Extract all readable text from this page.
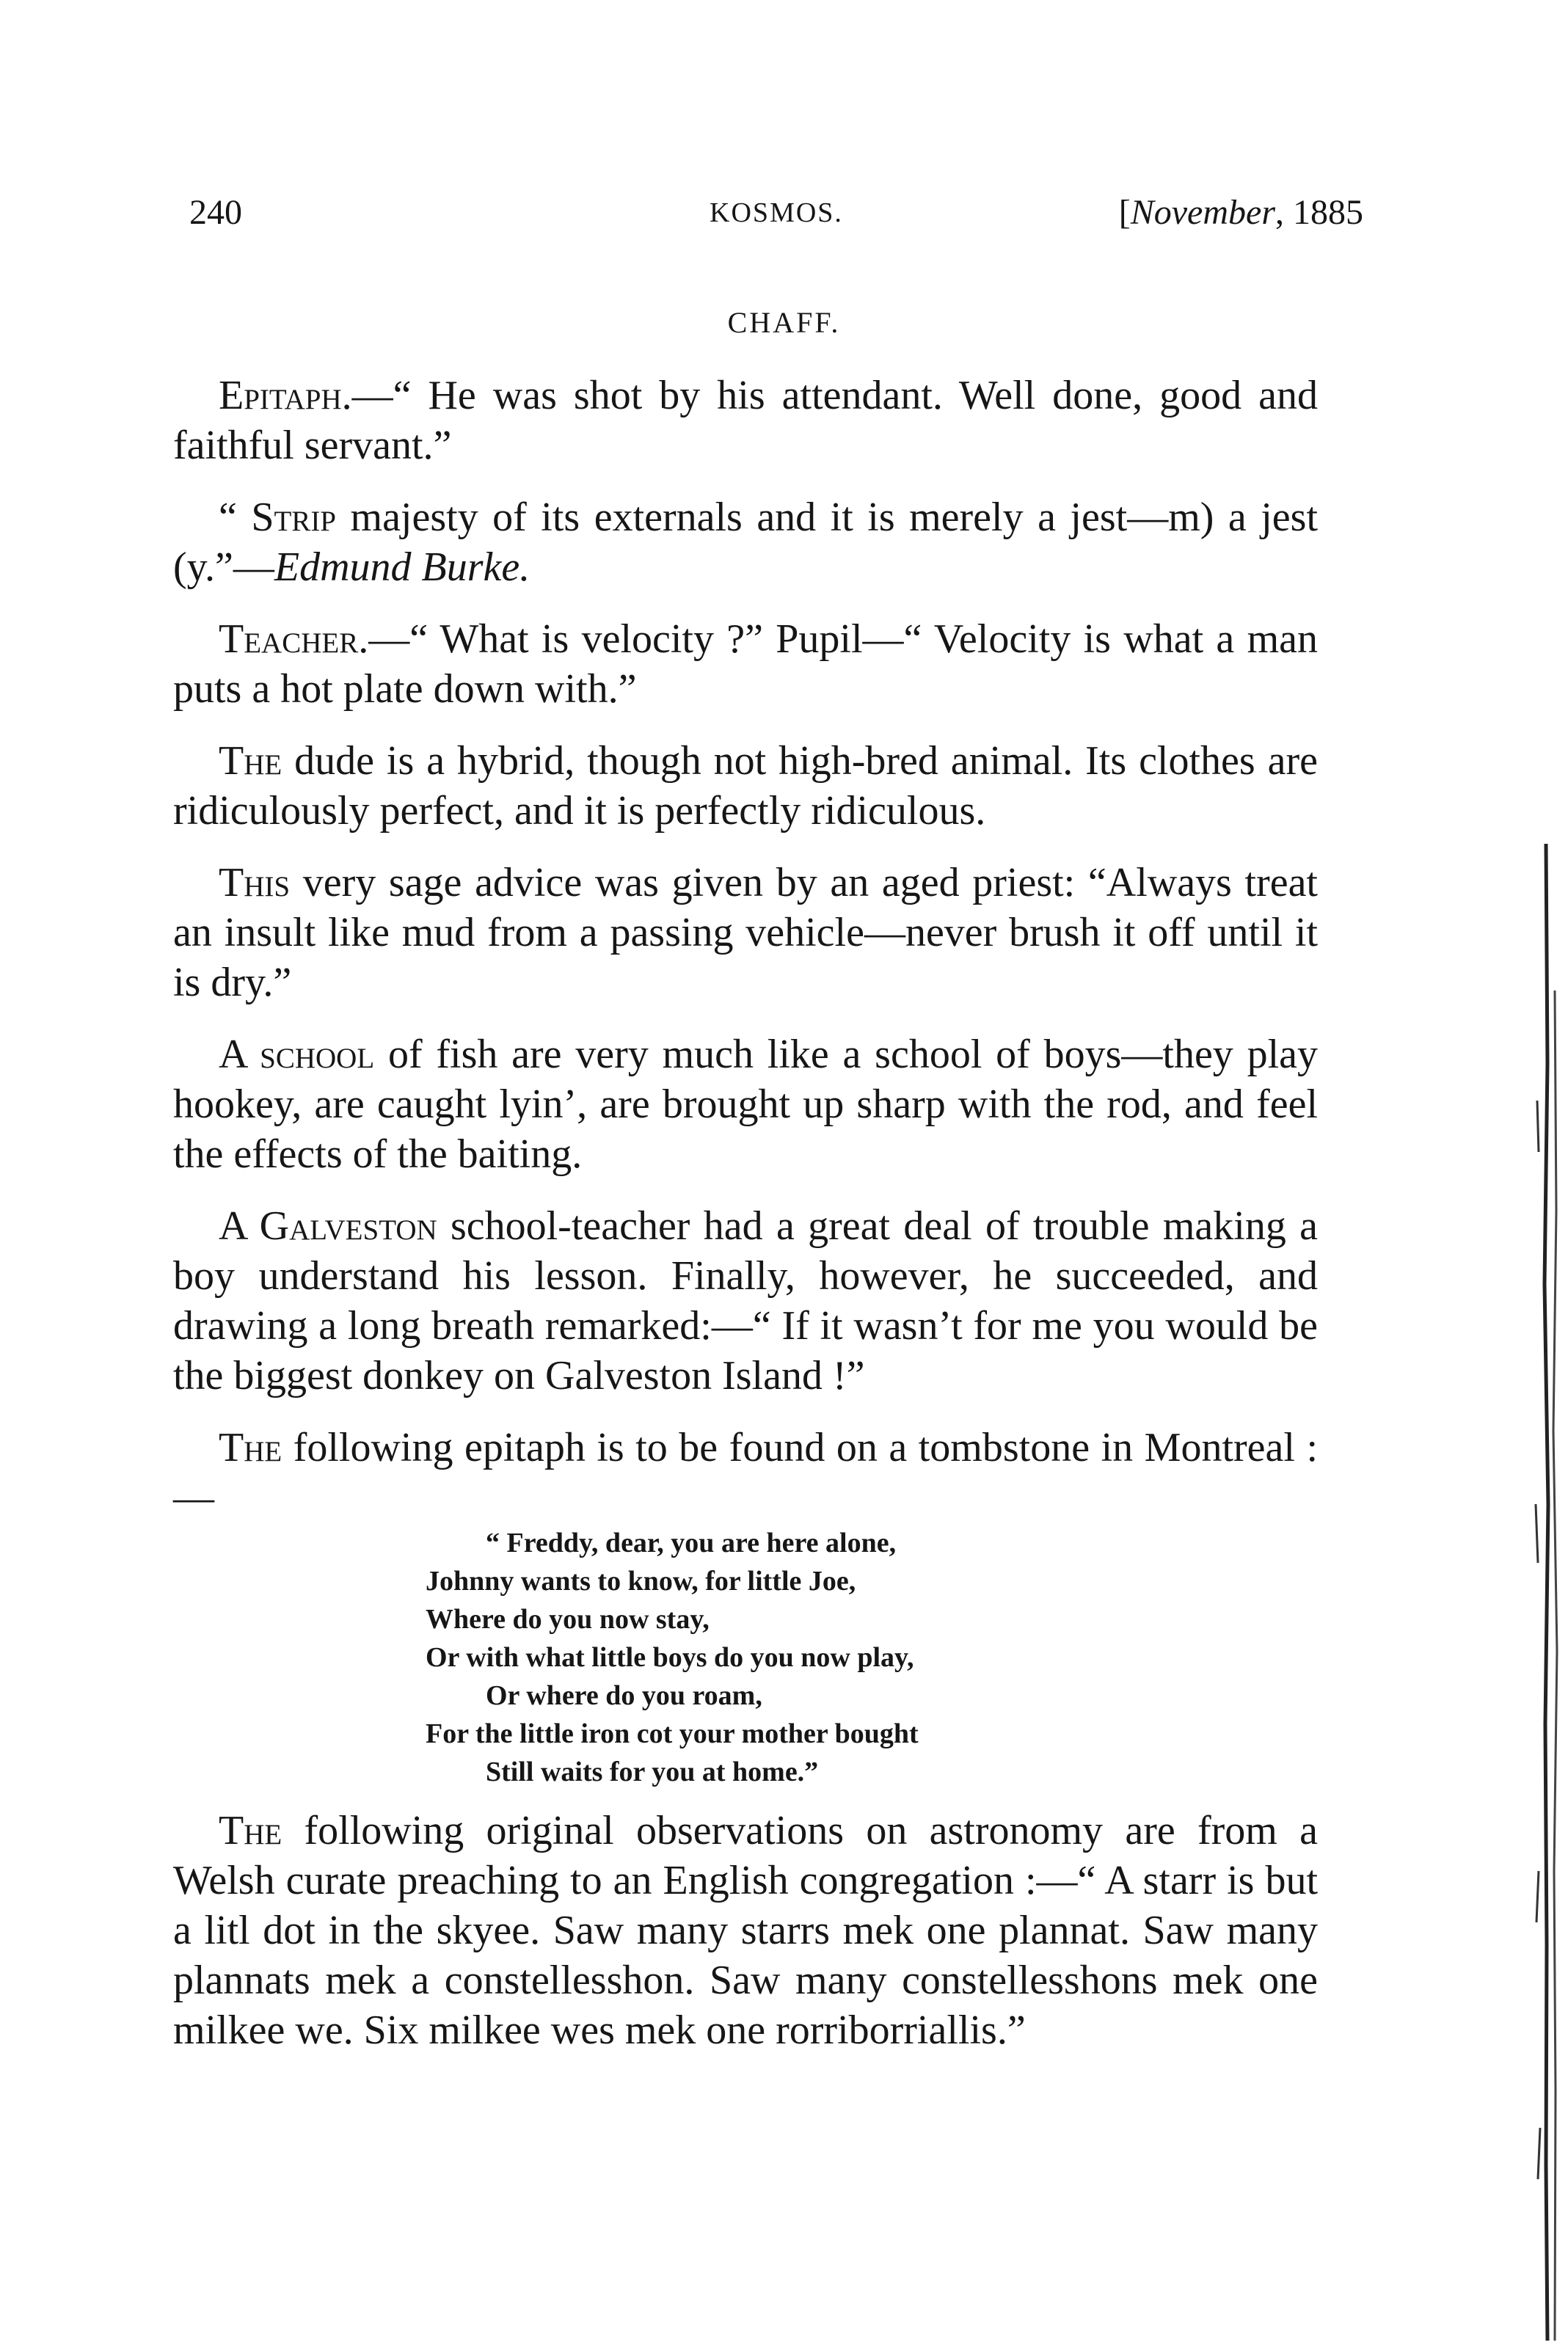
240	KOSMOS.	[November, 1885
CHAFF.

Epitaph.—“ He was shot by his attendant. Well done, good and faithful servant.”

“ Strip majesty of its externals and it is merely a jest—m) a jest (y.”—Edmund Burke.

Teacher.—“ What is velocity ?” Pupil—“ Velocity is what a man puts a hot plate down with.”

The dude is a hybrid, though not high-bred animal. Its clothes are ridiculously perfect, and it is perfectly ridiculous.

This very sage advice was given by an aged priest: “Always treat an insult like mud from a passing vehicle—never brush it off until it is dry.”

A school of fish are very much like a school of boys—they play hookey, are caught lyin’, are brought up sharp with the rod, and feel the effects of the baiting.

A Galveston school-teacher had a great deal of trouble making a boy understand his lesson. Finally, however, he succeeded, and drawing a long breath remarked:—“ If it wasn’t for me you would be the biggest donkey on Galveston Island !”

The following epitaph is to be found on a tombstone in Montreal :—

“ Freddy, dear, you are here alone,
Johnny wants to know, for little Joe,
Where do you now stay,
Or with what little boys do you now play,
Or where do you roam,
For the little iron cot your mother bought
Still waits for you at home.”

The following original observations on astronomy are from a Welsh curate preaching to an English congregation :—“ A starr is but a litl dot in the skyee. Saw many starrs mek one plannat. Saw many plannats mek a constellesshon. Saw many constellesshons mek one milkee we. Six milkee wes mek one rorriborriallis.”
